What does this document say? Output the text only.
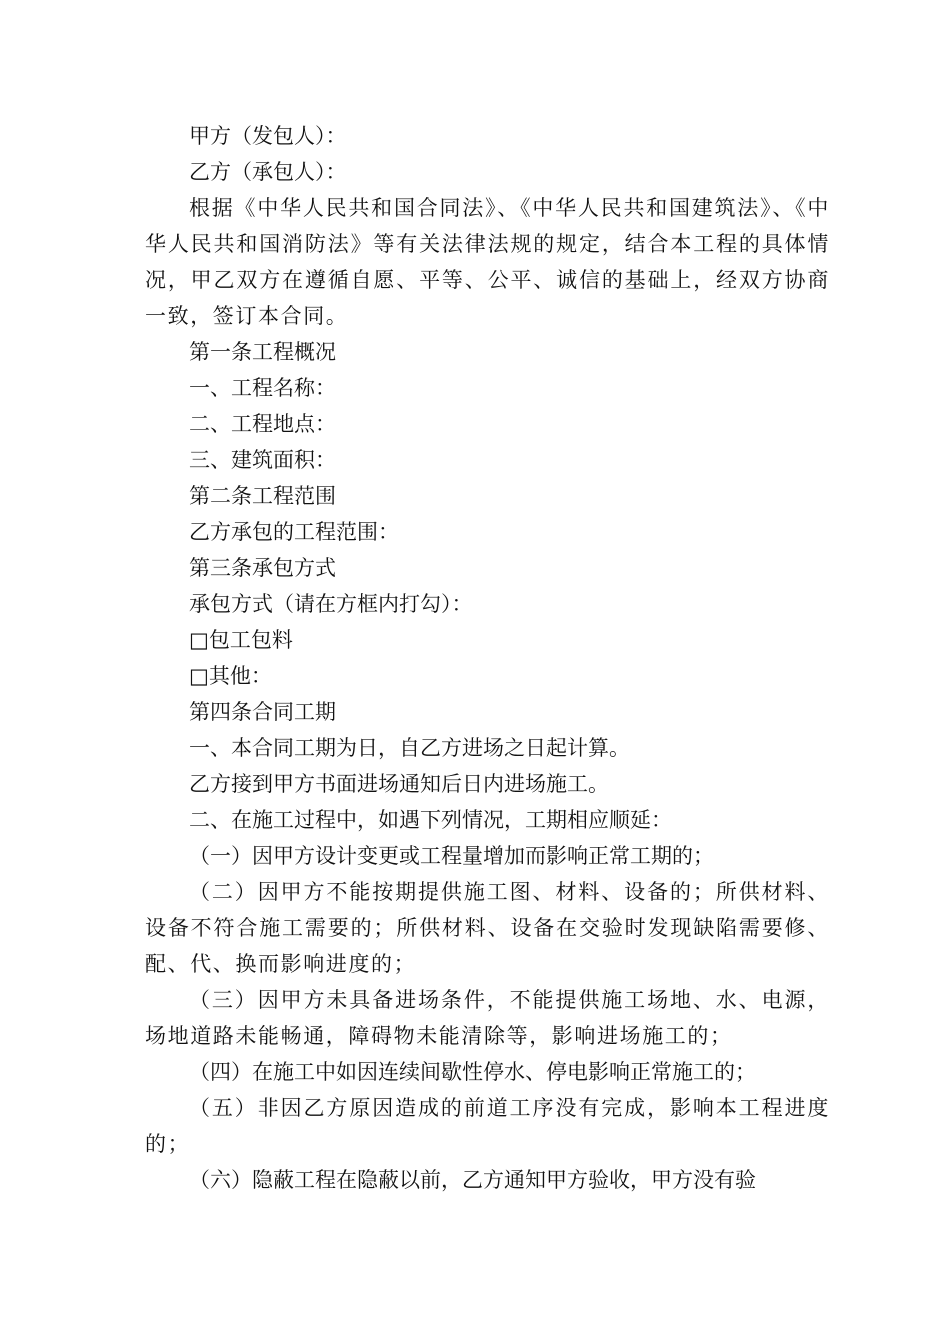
甲方（发包人）：

乙方（承包人）：

根据《中华人民共和国合同法》、《中华人民共和国建筑法》、《中华人民共和国消防法》等有关法律法规的规定，结合本工程的具体情况，甲乙双方在遵循自愿、平等、公平、诚信的基础上，经双方协商一致，签订本合同。

第一条工程概况

一、工程名称：

二、工程地点：

三、建筑面积：

第二条工程范围

乙方承包的工程范围：

第三条承包方式

承包方式（请在方框内打勾）：

□包工包料

□其他：

第四条合同工期

一、本合同工期为日，自乙方进场之日起计算。

乙方接到甲方书面进场通知后日内进场施工。

二、在施工过程中，如遇下列情况，工期相应顺延：

（一）因甲方设计变更或工程量增加而影响正常工期的；

（二）因甲方不能按期提供施工图、材料、设备的；所供材料、设备不符合施工需要的；所供材料、设备在交验时发现缺陷需要修、配、代、换而影响进度的；

（三）因甲方未具备进场条件，不能提供施工场地、水、电源，场地道路未能畅通，障碍物未能清除等，影响进场施工的；

（四）在施工中如因连续间歇性停水、停电影响正常施工的；

（五）非因乙方原因造成的前道工序没有完成，影响本工程进度的；

（六）隐蔽工程在隐蔽以前，乙方通知甲方验收，甲方没有验
